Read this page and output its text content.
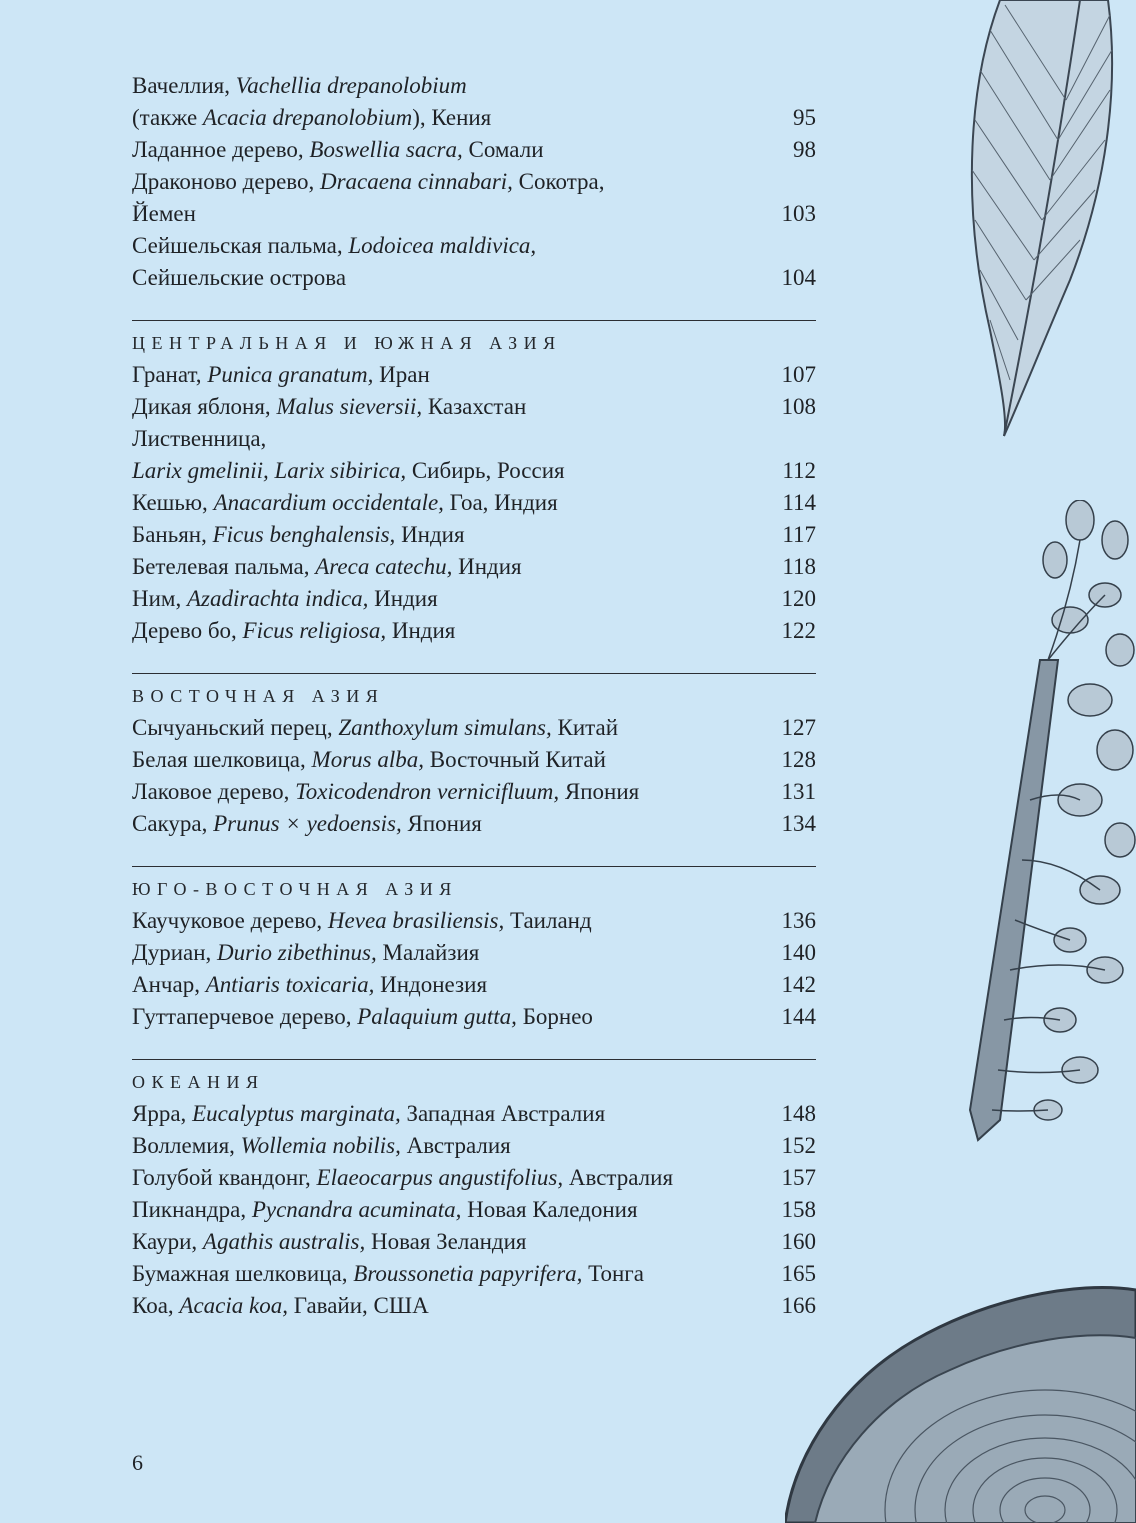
Вачеллия, Vachellia drepanolobium
(также Acacia drepanolobium), Кения	95
Ладанное дерево, Boswellia sacra, Сомали	98
Драконово дерево, Dracaena cinnabari, Сокотра,
Йемен	103
Сейшельская пальма, Lodoicea maldivica,
Сейшельские острова	104
ЦЕНТРАЛЬНАЯ И ЮЖНАЯ АЗИЯ
Гранат, Punica granatum, Иран	107
Дикая яблоня, Malus sieversii, Казахстан	108
Лиственница,
Larix gmelinii, Larix sibirica, Сибирь, Россия	112
Кешью, Anacardium occidentale, Гоа, Индия	114
Баньян, Ficus benghalensis, Индия	117
Бетелевая пальма, Areca catechu, Индия	118
Ним, Azadirachta indica, Индия	120
Дерево бо, Ficus religiosa, Индия	122
ВОСТОЧНАЯ АЗИЯ
Сычуаньский перец, Zanthoxylum simulans, Китай	127
Белая шелковица, Morus alba, Восточный Китай	128
Лаковое дерево, Toxicodendron vernicifluum, Япония	131
Сакура, Prunus × yedoensis, Япония	134
ЮГО-ВОСТОЧНАЯ АЗИЯ
Каучуковое дерево, Hevea brasiliensis, Таиланд	136
Дуриан, Durio zibethinus, Малайзия	140
Анчар, Antiaris toxicaria, Индонезия	142
Гуттаперчевое дерево, Palaquium gutta, Борнео	144
ОКЕАНИЯ
Ярра, Eucalyptus marginata, Западная Австралия	148
Воллемия, Wollemia nobilis, Австралия	152
Голубой квандонг, Elaeocarpus angustifolius, Австралия	157
Пикнандра, Pycnandra acuminata, Новая Каледония	158
Каури, Agathis australis, Новая Зеландия	160
Бумажная шелковица, Broussonetia papyrifera, Тонга	165
Коа, Acacia koa, Гавайи, США	166
6
